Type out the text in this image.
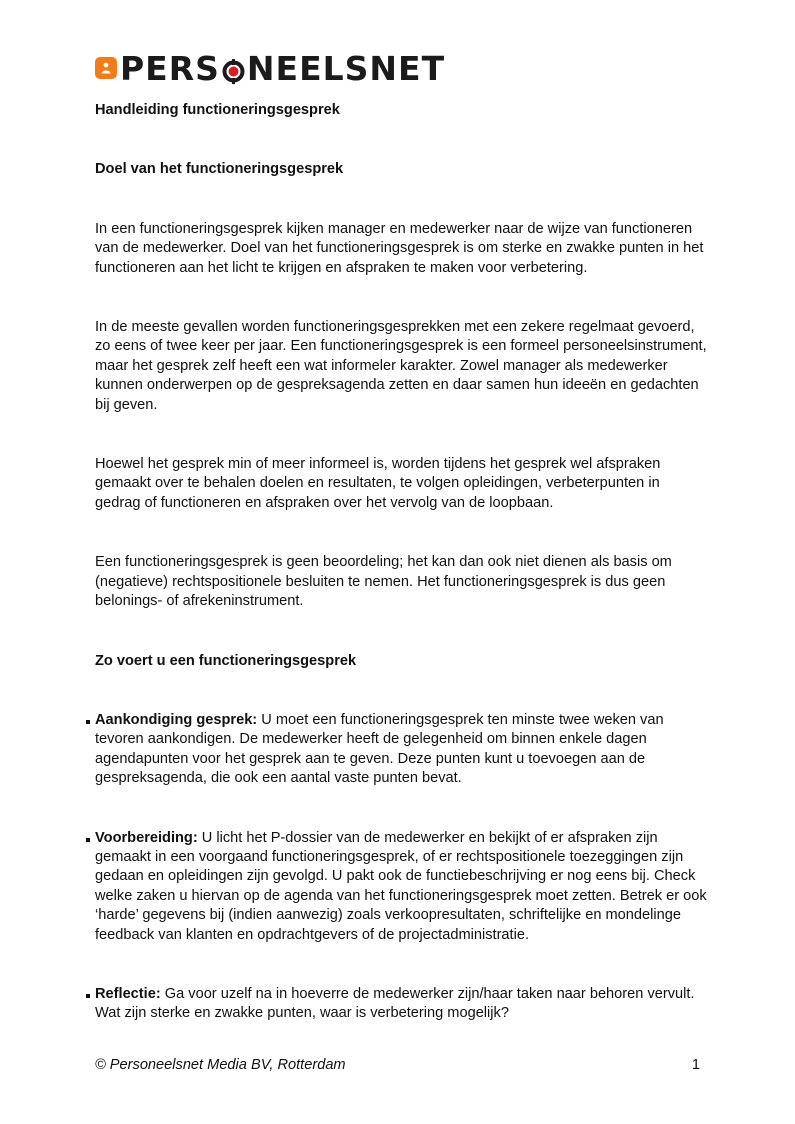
PERS NEELSNET

Handleiding functioneringsgesprek

Doel van het functioneringsgesprek

In een functioneringsgesprek kijken manager en medewerker naar de wijze van functioneren van de medewerker. Doel van het functioneringsgesprek is om sterke en zwakke punten in het functioneren aan het licht te krijgen en afspraken te maken voor verbetering.

In de meeste gevallen worden functioneringsgesprekken met een zekere regelmaat gevoerd, zo eens of twee keer per jaar. Een functioneringsgesprek is een formeel personeelsinstrument, maar het gesprek zelf heeft een wat informeler karakter. Zowel manager als medewerker kunnen onderwerpen op de gespreksagenda zetten en daar samen hun ideeën en gedachten bij geven.

Hoewel het gesprek min of meer informeel is, worden tijdens het gesprek wel afspraken gemaakt over te behalen doelen en resultaten, te volgen opleidingen, verbeterpunten in gedrag of functioneren en afspraken over het vervolg van de loopbaan.

Een functioneringsgesprek is geen beoordeling; het kan dan ook niet dienen als basis om (negatieve) rechtspositionele besluiten te nemen. Het functioneringsgesprek is dus geen belonings- of afrekeninstrument.

Zo voert u een functioneringsgesprek

Aankondiging gesprek: U moet een functioneringsgesprek ten minste twee weken van tevoren aankondigen. De medewerker heeft de gelegenheid om binnen enkele dagen agendapunten voor het gesprek aan te geven. Deze punten kunt u toevoegen aan de gespreksagenda, die ook een aantal vaste punten bevat.

Voorbereiding: U licht het P-dossier van de medewerker en bekijkt of er afspraken zijn gemaakt in een voorgaand functioneringsgesprek, of er rechtspositionele toezeggingen zijn gedaan en opleidingen zijn gevolgd. U pakt ook de functiebeschrijving er nog eens bij. Check welke zaken u hiervan op de agenda van het functioneringsgesprek moet zetten. Betrek er ook ‘harde’ gegevens bij (indien aanwezig) zoals verkoopresultaten, schriftelijke en mondelinge feedback van klanten en opdrachtgevers of de projectadministratie.

Reflectie: Ga voor uzelf na in hoeverre de medewerker zijn/haar taken naar behoren vervult. Wat zijn sterke en zwakke punten, waar is verbetering mogelijk?

© Personeelsnet Media BV, Rotterdam	1
